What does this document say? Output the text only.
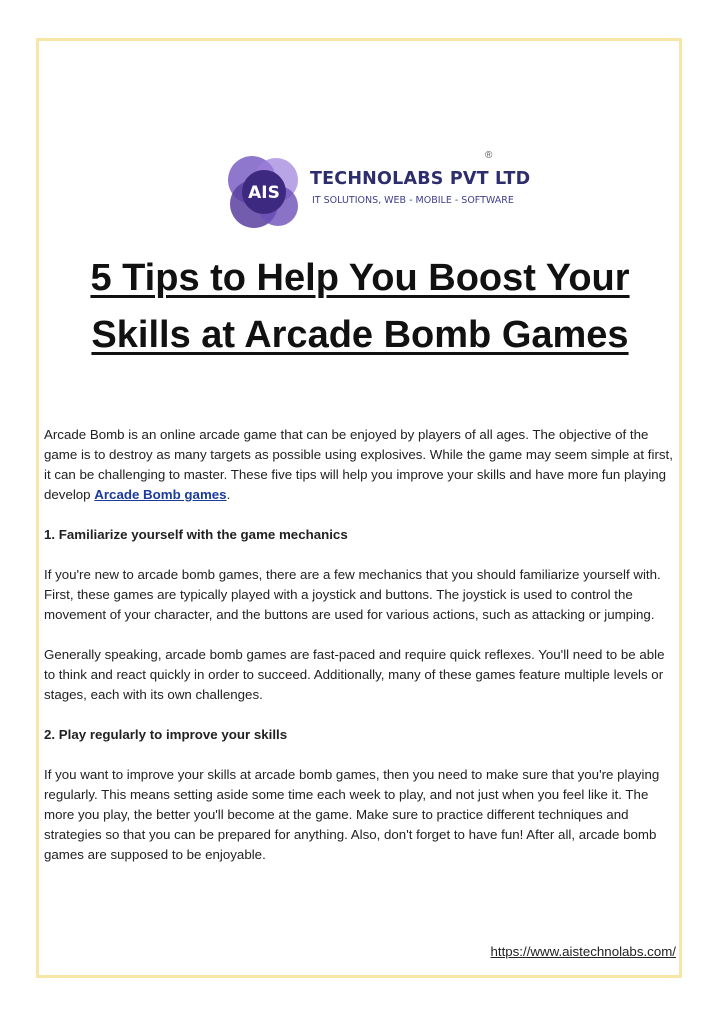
AIS
TECHNOLABS PVT LTD
IT SOLUTIONS, WEB - MOBILE - SOFTWARE
®
5 Tips to Help You Boost Your Skills at Arcade Bomb Games

Arcade Bomb is an online arcade game that can be enjoyed by players of all ages. The objective of the game is to destroy as many targets as possible using explosives. While the game may seem simple at first, it can be challenging to master. These five tips will help you improve your skills and have more fun playing develop Arcade Bomb games.

1. Familiarize yourself with the game mechanics

If you're new to arcade bomb games, there are a few mechanics that you should familiarize yourself with. First, these games are typically played with a joystick and buttons. The joystick is used to control the movement of your character, and the buttons are used for various actions, such as attacking or jumping.

Generally speaking, arcade bomb games are fast-paced and require quick reflexes. You'll need to be able to think and react quickly in order to succeed. Additionally, many of these games feature multiple levels or stages, each with its own challenges.

2. Play regularly to improve your skills

If you want to improve your skills at arcade bomb games, then you need to make sure that you're playing regularly. This means setting aside some time each week to play, and not just when you feel like it. The more you play, the better you'll become at the game. Make sure to practice different techniques and strategies so that you can be prepared for anything. Also, don't forget to have fun! After all, arcade bomb games are supposed to be enjoyable.

https://www.aistechnolabs.com/
